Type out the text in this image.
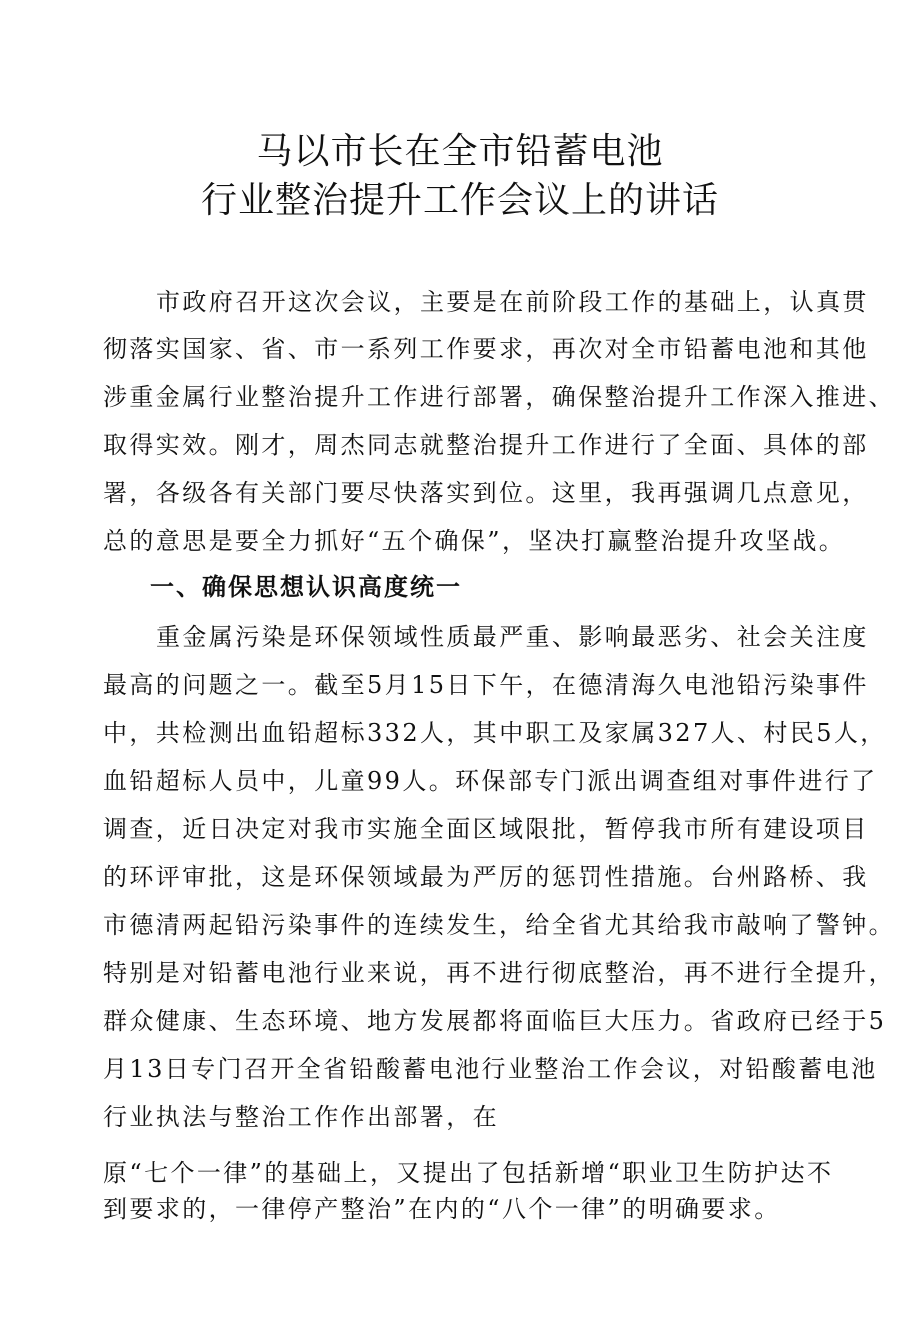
马以市长在全市铅蓄电池
行业整治提升工作会议上的讲话
市政府召开这次会议，主要是在前阶段工作的基础上，认真贯
彻落实国家、省、市一系列工作要求，再次对全市铅蓄电池和其他
涉重金属行业整治提升工作进行部署，确保整治提升工作深入推进、
取得实效。刚才，周杰同志就整治提升工作进行了全面、具体的部
署，各级各有关部门要尽快落实到位。这里，我再强调几点意见，
总的意思是要全力抓好“五个确保”，坚决打赢整治提升攻坚战。
一、确保思想认识高度统一
重金属污染是环保领域性质最严重、影响最恶劣、社会关注度
最高的问题之一。截至5月15日下午，在德清海久电池铅污染事件
中，共检测出血铅超标332人，其中职工及家属327人、村民5人，
血铅超标人员中，儿童99人。环保部专门派出调查组对事件进行了
调查，近日决定对我市实施全面区域限批，暂停我市所有建设项目
的环评审批，这是环保领域最为严厉的惩罚性措施。台州路桥、我
市德清两起铅污染事件的连续发生，给全省尤其给我市敲响了警钟。
特别是对铅蓄电池行业来说，再不进行彻底整治，再不进行全提升，
群众健康、生态环境、地方发展都将面临巨大压力。省政府已经于5
月13日专门召开全省铅酸蓄电池行业整治工作会议，对铅酸蓄电池
行业执法与整治工作作出部署，在
原“七个一律”的基础上，又提出了包括新增“职业卫生防护达不
到要求的，一律停产整治”在内的“八个一律”的明确要求。
